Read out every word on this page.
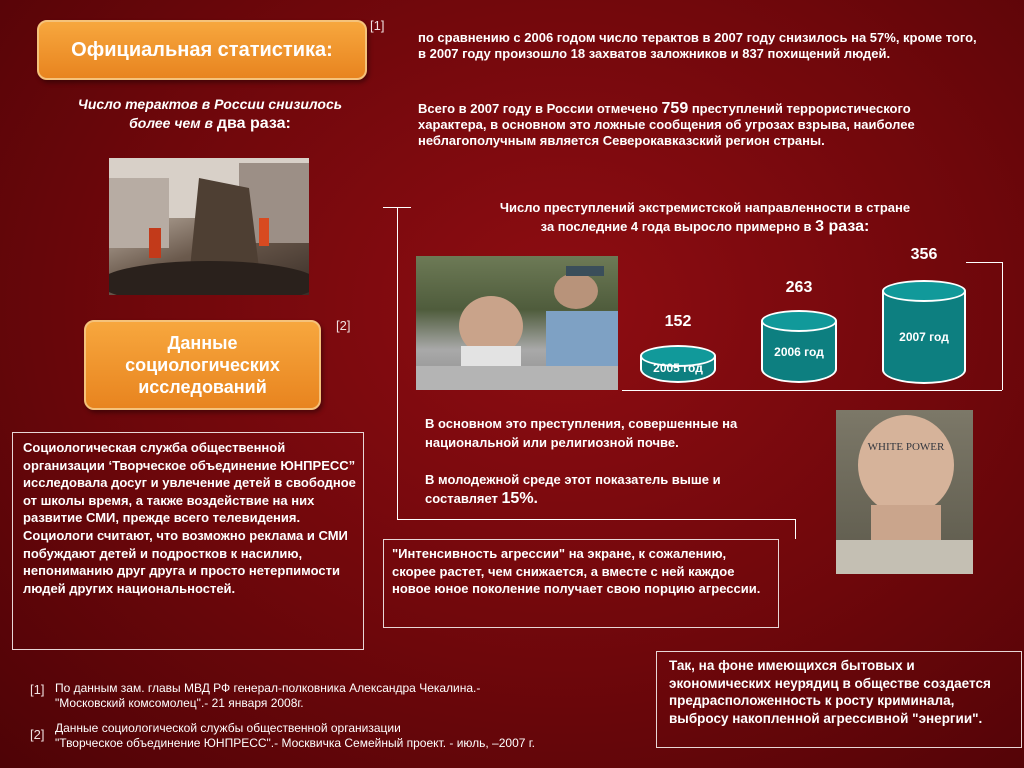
Официальная статистика:
[1]
Число терактов в России снизилось
более чем в два раза:
по сравнению с 2006 годом число терактов в 2007 году снизилось на 57%, кроме того, в 2007 году произошло 18 захватов заложников и 837 похищений людей.
Всего в 2007 году в России отмечено 759 преступлений террористического характера, в основном это ложные сообщения об угрозах взрыва, наиболее неблагополучным является Северокавказский регион страны.
Число преступлений экстремистской направленности в стране
за последние 4 года выросло примерно в 3 раза:
152
2005 год
263
2006 год
356
2007 год
В основном это преступления, совершенные на национальной или религиозной почве.
В молодежной среде этот показатель выше и составляет 15%.
WHITE POWER
Данные социологических исследований
[2]
Социологическая служба общественной организации ‘Творческое объединение ЮНПРЕСС” исследовала досуг и увлечение детей в свободное от школы время, а также воздействие на них развитие СМИ, прежде всего телевидения. Социологи считают, что возможно реклама и СМИ побуждают детей и подростков к насилию, непониманию друг друга и просто нетерпимости людей других национальностей.
"Интенсивность агрессии" на экране, к сожалению, скорее растет, чем снижается, а вместе с ней каждое новое юное поколение получает свою порцию агрессии.
Так, на фоне имеющихся бытовых и экономических неурядиц в обществе создается предрасположенность к росту криминала, выбросу накопленной агрессивной "энергии".
[1] По данным зам. главы МВД РФ генерал-полковника Александра Чекалина.-
"Московский комсомолец".- 21 января 2008г.
[2] Данные социологической службы общественной организации
"Творческое объединение ЮНПРЕСС".- Москвичка Семейный проект. - июль, –2007 г.
